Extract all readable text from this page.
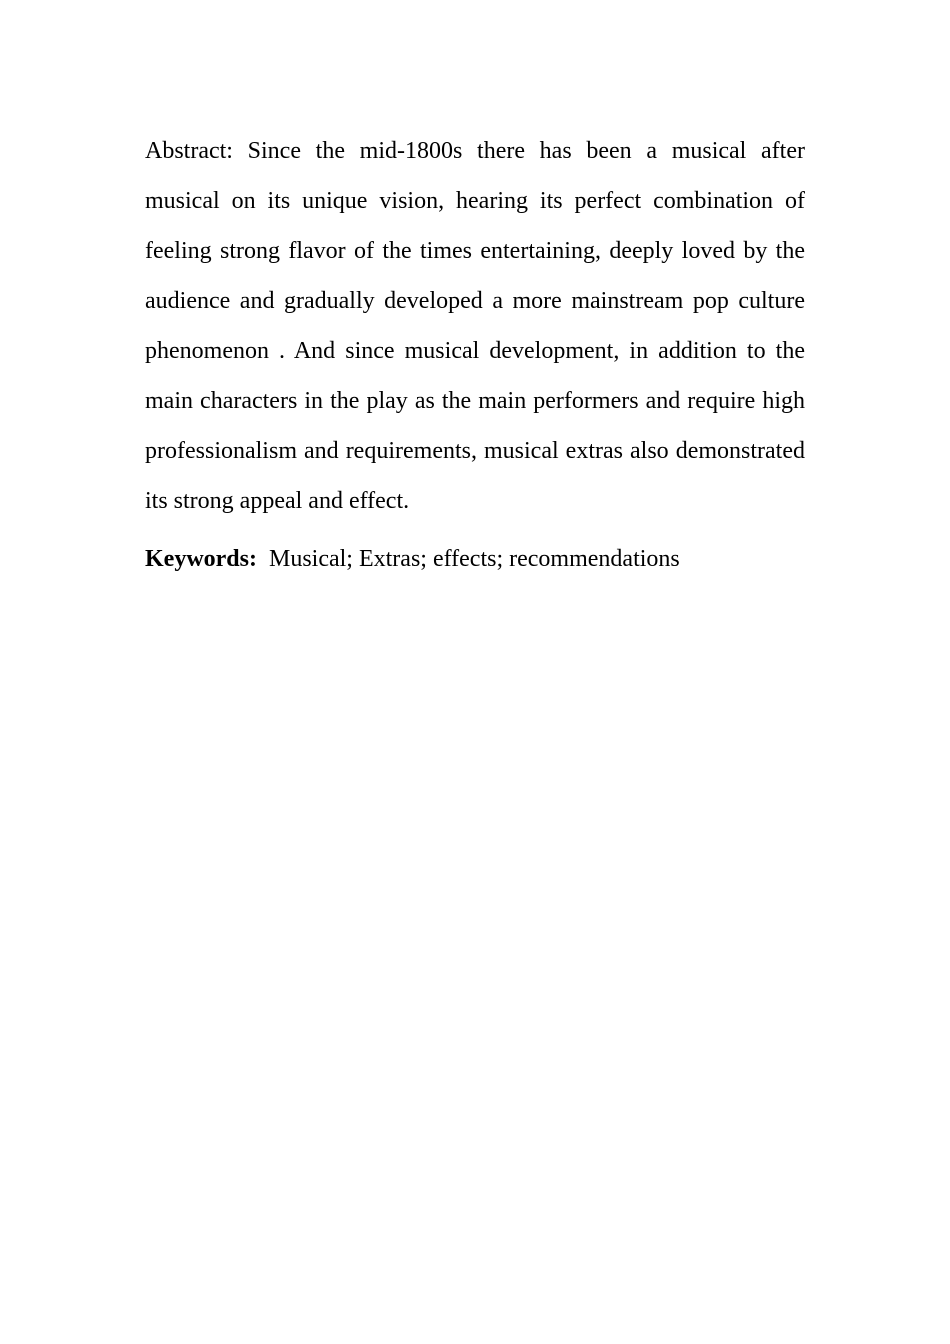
Abstract: Since the mid-1800s there has been a musical after musical on its unique vision, hearing its perfect combination of feeling strong flavor of the times entertaining, deeply loved by the audience and gradually developed a more mainstream pop culture phenomenon . And since musical development, in addition to the main characters in the play as the main performers and require high professionalism and requirements, musical extras also demonstrated its strong appeal and effect.

Keywords: Musical; Extras; effects; recommendations
